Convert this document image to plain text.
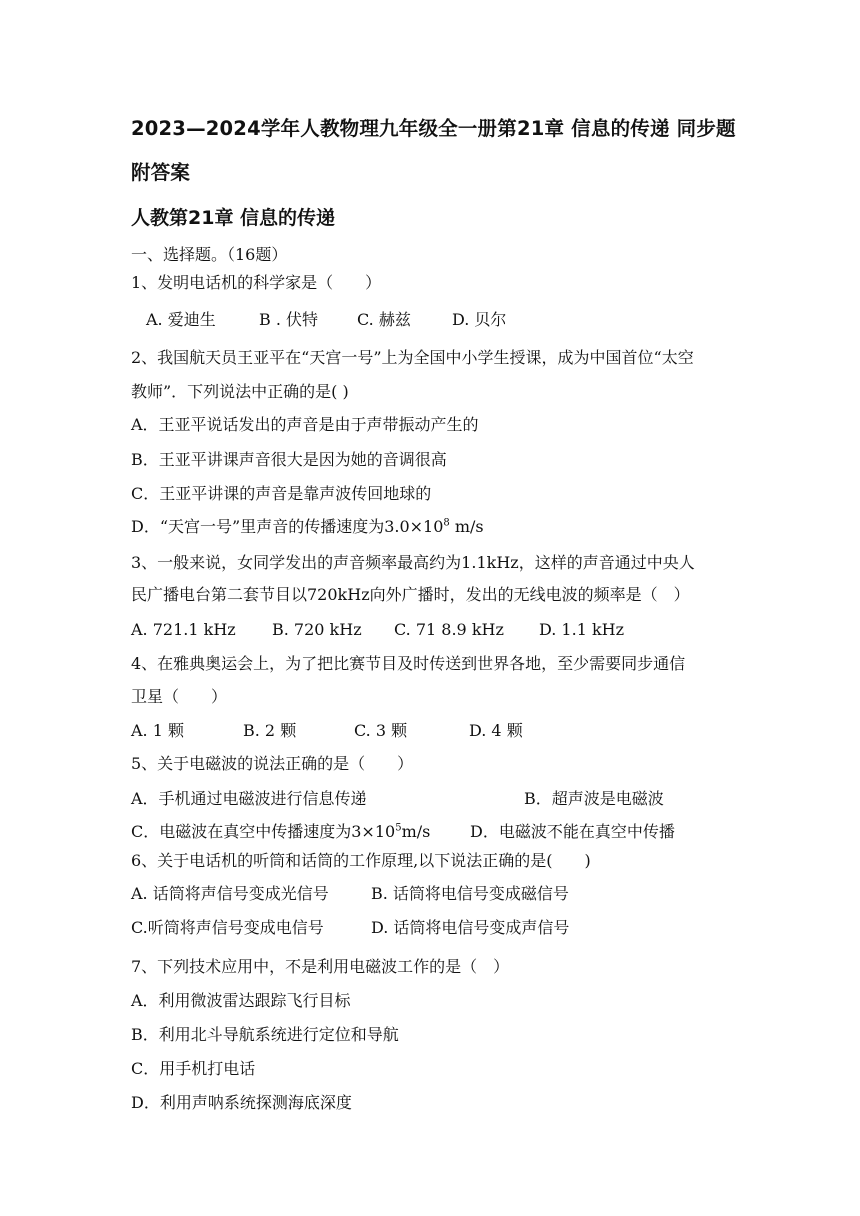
2023—2024学年人教物理九年级全一册第21章 信息的传递 同步题
附答案
人教第21章 信息的传递
一、选择题。（16题）
1、发明电话机的科学家是（　　）
A. 爱迪生	B . 伏特 C. 赫兹	D. 贝尔
2、我国航天员王亚平在“天宫一号”上为全国中小学生授课，成为中国首位“太空
教师”．下列说法中正确的是( )
A．王亚平说话发出的声音是由于声带振动产生的
B．王亚平讲课声音很大是因为她的音调很高
C．王亚平讲课的声音是靠声波传回地球的
D．“天宫一号”里声音的传播速度为$3.0\times 10^8$ m/s
3、一般来说，女同学发出的声音频率最高约为1.1kHz，这样的声音通过中央人
民广播电台第二套节目以720kHz向外广播时，发出的无线电波的频率是（　）
A. 721.1 kHz B. 720 kHz C. 71 8.9 kHz D. 1.1 kHz
4、在雅典奥运会上，为了把比赛节目及时传送到世界各地，至少需要同步通信
卫星（　　）
A. 1 颗	B. 2 颗	C. 3 颗	D. 4 颗
5、关于电磁波的说法正确的是（　　）
A．手机通过电磁波进行信息传递	B．超声波是电磁波
C．电磁波在真空中传播速度为$3\times 10^5m/s$ D．电磁波不能在真空中传播
6、关于电话机的听筒和话筒的工作原理,以下说法正确的是(　　)
A. 话筒将声信号变成光信号	B. 话筒将电信号变成磁信号
C.听筒将声信号变成电信号	D. 话筒将电信号变成声信号
7、下列技术应用中，不是利用电磁波工作的是（　）
A．利用微波雷达跟踪飞行目标
B．利用北斗导航系统进行定位和导航
C．用手机打电话
D．利用声呐系统探测海底深度
